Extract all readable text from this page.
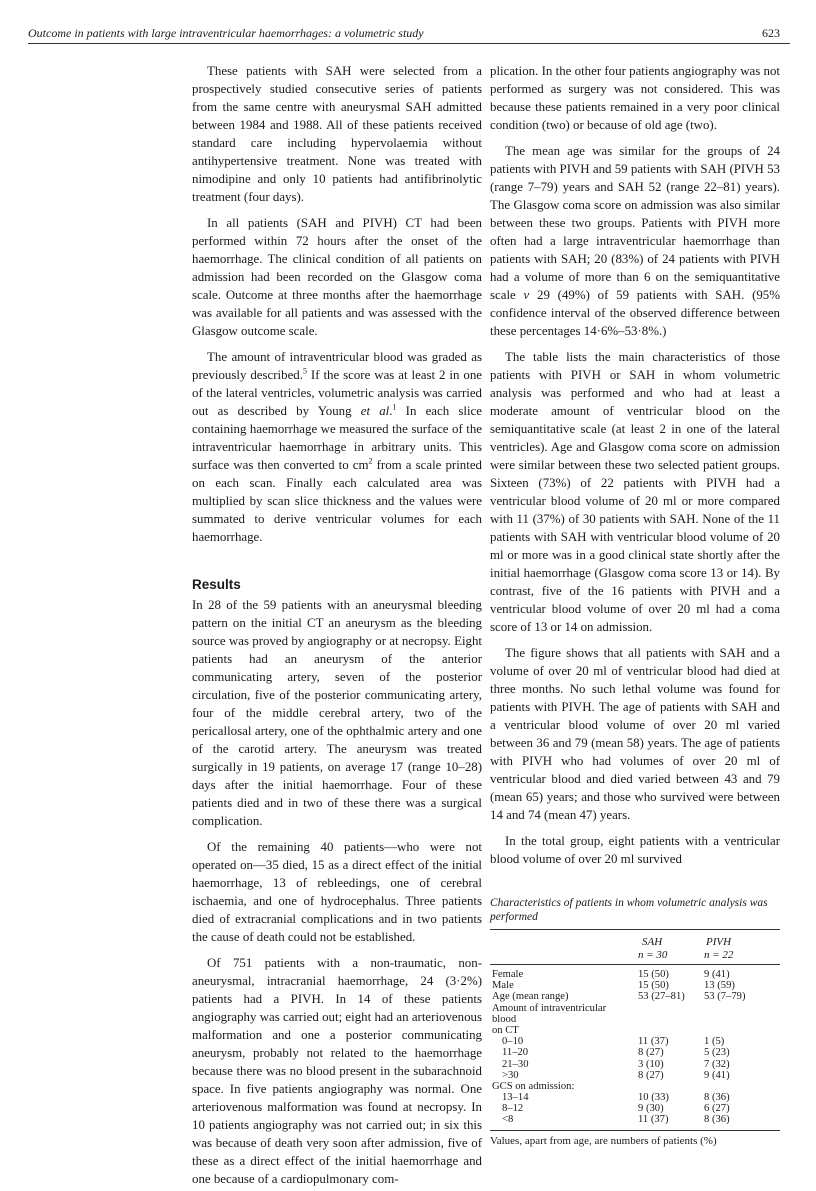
Outcome in patients with large intraventricular haemorrhages: a volumetric study	623

These patients with SAH were selected from a prospectively studied consecutive series of patients from the same centre with aneurysmal SAH admitted between 1984 and 1988. All of these patients received standard care including hypervolaemia without antihypertensive treatment. None was treated with nimodipine and only 10 patients had antifibrinolytic treatment (four days).

In all patients (SAH and PIVH) CT had been performed within 72 hours after the onset of the haemorrhage. The clinical condition of all patients on admission had been recorded on the Glasgow coma scale. Outcome at three months after the haemorrhage was available for all patients and was assessed with the Glasgow outcome scale.

The amount of intraventricular blood was graded as previously described.$^5$ If the score was at least 2 in one of the lateral ventricles, volumetric analysis was carried out as described by Young et al.$^1$ In each slice containing haemorrhage we measured the surface of the intraventricular haemorrhage in arbitrary units. This surface was then converted to $cm^2$ from a scale printed on each scan. Finally each calculated area was multiplied by scan slice thickness and the values were summated to derive ventricular volumes for each haemorrhage.

Results

In 28 of the 59 patients with an aneurysmal bleeding pattern on the initial CT an aneurysm as the bleeding source was proved by angiography or at necropsy. Eight patients had an aneurysm of the anterior communicating artery, seven of the posterior circulation, five of the posterior communicating artery, four of the middle cerebral artery, two of the pericallosal artery, one of the ophthalmic artery and one of the carotid artery. The aneurysm was treated surgically in 19 patients, on average 17 (range 10–28) days after the initial haemorrhage. Four of these patients died and in two of these there was a surgical complication.

Of the remaining 40 patients—who were not operated on—35 died, 15 as a direct effect of the initial haemorrhage, 13 of rebleedings, one of cerebral ischaemia, and one of hydrocephalus. Three patients died of extracranial complications and in two patients the cause of death could not be established.

Of 751 patients with a non-traumatic, non-aneurysmal, intracranial haemorrhage, 24 (3·2%) patients had a PIVH. In 14 of these patients angiography was carried out; eight had an arteriovenous malformation and one a posterior communicating aneurysm, probably not related to the haemorrhage because there was no blood present in the subarachnoid space. In five patients angiography was normal. One arteriovenous malformation was found at necropsy. In 10 patients angiography was not carried out; in six this was because of death very soon after admission, five of these as a direct effect of the initial haemorrhage and one because of a cardiopulmonary com-

plication. In the other four patients angiography was not performed as surgery was not considered. This was because these patients remained in a very poor clinical condition (two) or because of old age (two).

The mean age was similar for the groups of 24 patients with PIVH and 59 patients with SAH (PIVH 53 (range 7–79) years and SAH 52 (range 22–81) years). The Glasgow coma score on admission was also similar between these two groups. Patients with PIVH more often had a large intraventricular haemorrhage than patients with SAH; 20 (83%) of 24 patients with PIVH had a volume of more than 6 on the semiquantitative scale v 29 (49%) of 59 patients with SAH. (95% confidence interval of the observed difference between these percentages 14·6%–53·8%.)

The table lists the main characteristics of those patients with PIVH or SAH in whom volumetric analysis was performed and who had at least a moderate amount of ventricular blood on the semiquantitative scale (at least 2 in one of the lateral ventricles). Age and Glasgow coma score on admission were similar between these two selected patient groups. Sixteen (73%) of 22 patients with PIVH had a ventricular blood volume of 20 ml or more compared with 11 (37%) of 30 patients with SAH. None of the 11 patients with SAH with ventricular blood volume of 20 ml or more was in a good clinical state shortly after the initial haemorrhage (Glasgow coma score 13 or 14). By contrast, five of the 16 patients with PIVH and a ventricular blood volume of over 20 ml had a coma score of 13 or 14 on admission.

The figure shows that all patients with SAH and a volume of over 20 ml of ventricular blood had died at three months. No such lethal volume was found for patients with PIVH. The age of patients with SAH and a ventricular blood volume of over 20 ml varied between 36 and 79 (mean 58) years. The age of patients with PIVH who had volumes of over 20 ml of ventricular blood and died varied between 43 and 79 (mean 65) years; and those who survived were between 14 and 74 (mean 47) years.

In the total group, eight patients with a ventricular blood volume of over 20 ml survived

Characteristics of patients in whom volumetric analysis was performed
SAH	PIVH
n = 30	n = 22
Female	15 (50)	9 (41)
Male	15 (50)	13 (59)
Age (mean range)	53 (27–81) 53 (7–79)
Amount of intraventricular
blood
on CT
0–10	11 (37)	1 (5)
11–20	8 (27)	5 (23)
21–30	3 (10)	7 (32)
>30	8 (27)	9 (41)
GCS on admission:
13–14	10 (33)	8 (36)
8–12	9 (30)	6 (27)
<8	11 (37)	8 (36)
Values, apart from age, are numbers of patients (%)
